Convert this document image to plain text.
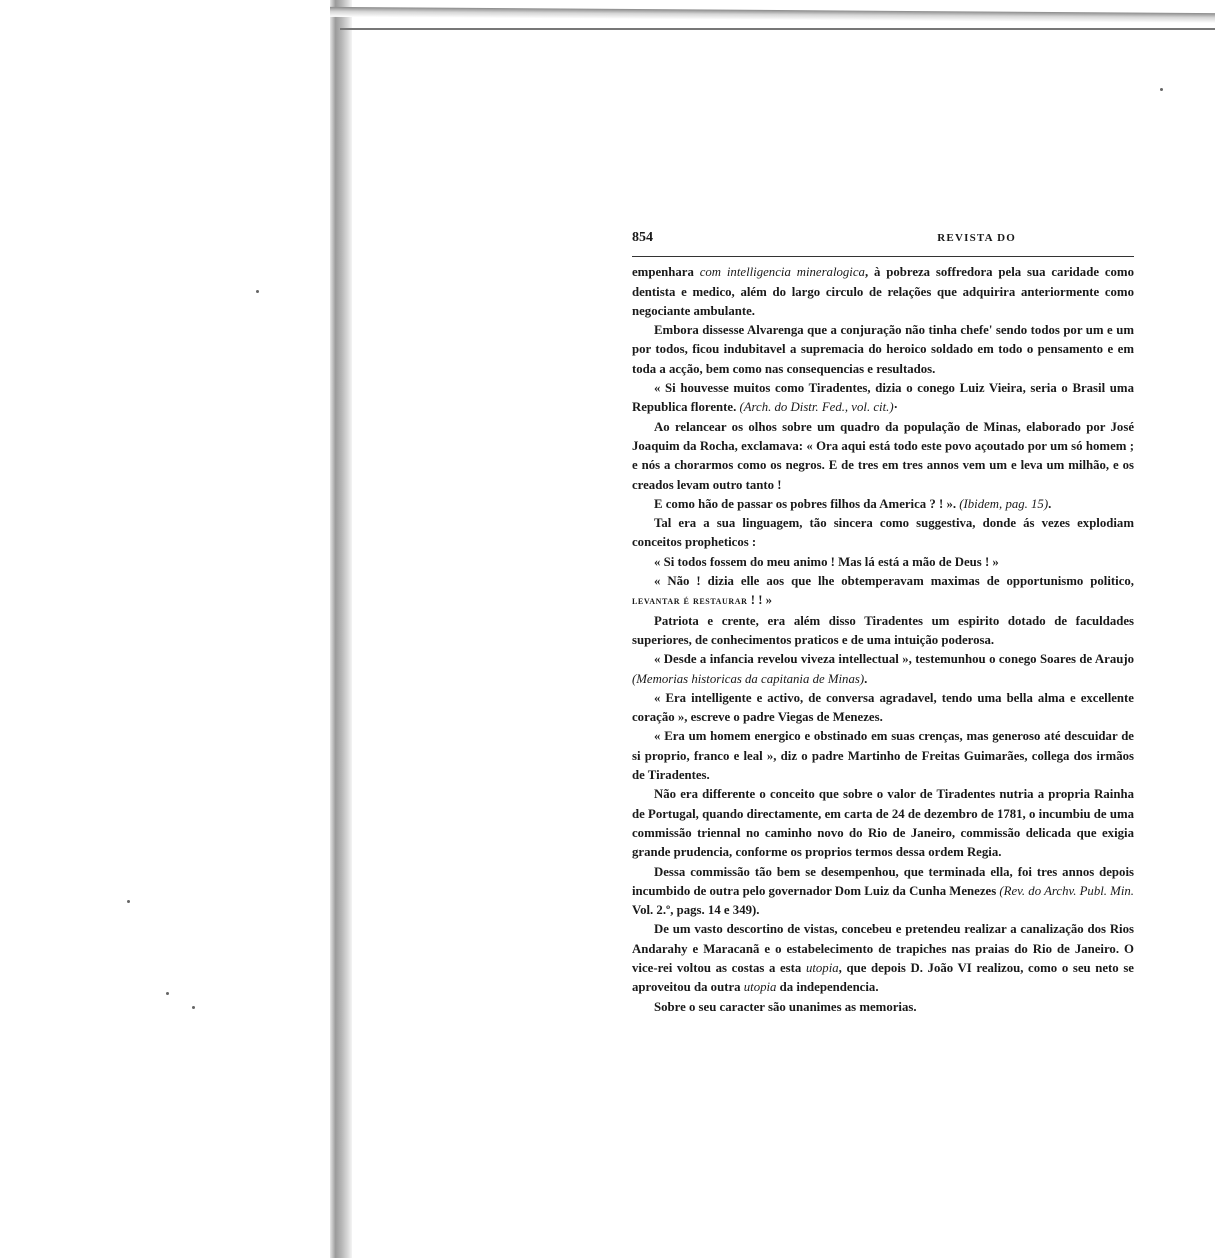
854	REVISTA DO

empenhara com intelligencia mineralogica, à pobreza soffredora pela sua caridade como dentista e medico, além do largo circulo de relações que adquirira anteriormente como negociante ambulante.

Embora dissesse Alvarenga que a conjuração não tinha chefe' sendo todos por um e um por todos, ficou indubitavel a supremacia do heroico soldado em todo o pensamento e em toda a acção, bem como nas consequencias e resultados.

« Si houvesse muitos como Tiradentes, dizia o conego Luiz Vieira, seria o Brasil uma Republica florente. (Arch. do Distr. Fed., vol. cit.)·

Ao relancear os olhos sobre um quadro da população de Minas, elaborado por José Joaquim da Rocha, exclamava: « Ora aqui está todo este povo açoutado por um só homem ; e nós a chorarmos como os negros. E de tres em tres annos vem um e leva um milhão, e os creados levam outro tanto !

E como hão de passar os pobres filhos da America ? ! ». (Ibidem, pag. 15).

Tal era a sua linguagem, tão sincera como suggestiva, donde ás vezes explodiam conceitos propheticos :

« Si todos fossem do meu animo ! Mas lá está a mão de Deus ! »

« Não ! dizia elle aos que lhe obtemperavam maximas de opportunismo politico, levantar é restaurar ! ! »

Patriota e crente, era além disso Tiradentes um espirito dotado de faculdades superiores, de conhecimentos praticos e de uma intuição poderosa.

« Desde a infancia revelou viveza intellectual », testemunhou o conego Soares de Araujo (Memorias historicas da capitania de Minas).

« Era intelligente e activo, de conversa agradavel, tendo uma bella alma e excellente coração », escreve o padre Viegas de Menezes.

« Era um homem energico e obstinado em suas crenças, mas generoso até descuidar de si proprio, franco e leal », diz o padre Martinho de Freitas Guimarães, collega dos irmãos de Tiradentes.

Não era differente o conceito que sobre o valor de Tiradentes nutria a propria Rainha de Portugal, quando directamente, em carta de 24 de dezembro de 1781, o incumbiu de uma commissão triennal no caminho novo do Rio de Janeiro, commissão delicada que exigia grande prudencia, conforme os proprios termos dessa ordem Regia.

Dessa commissão tão bem se desempenhou, que terminada ella, foi tres annos depois incumbido de outra pelo governador Dom Luiz da Cunha Menezes (Rev. do Archv. Publ. Min. Vol. 2.º, pags. 14 e 349).

De um vasto descortino de vistas, concebeu e pretendeu realizar a canalização dos Rios Andarahy e Maracanã e o estabelecimento de trapiches nas praias do Rio de Janeiro. O vice-rei voltou as costas a esta utopia, que depois D. João VI realizou, como o seu neto se aproveitou da outra utopia da independencia.

Sobre o seu caracter são unanimes as memorias.
